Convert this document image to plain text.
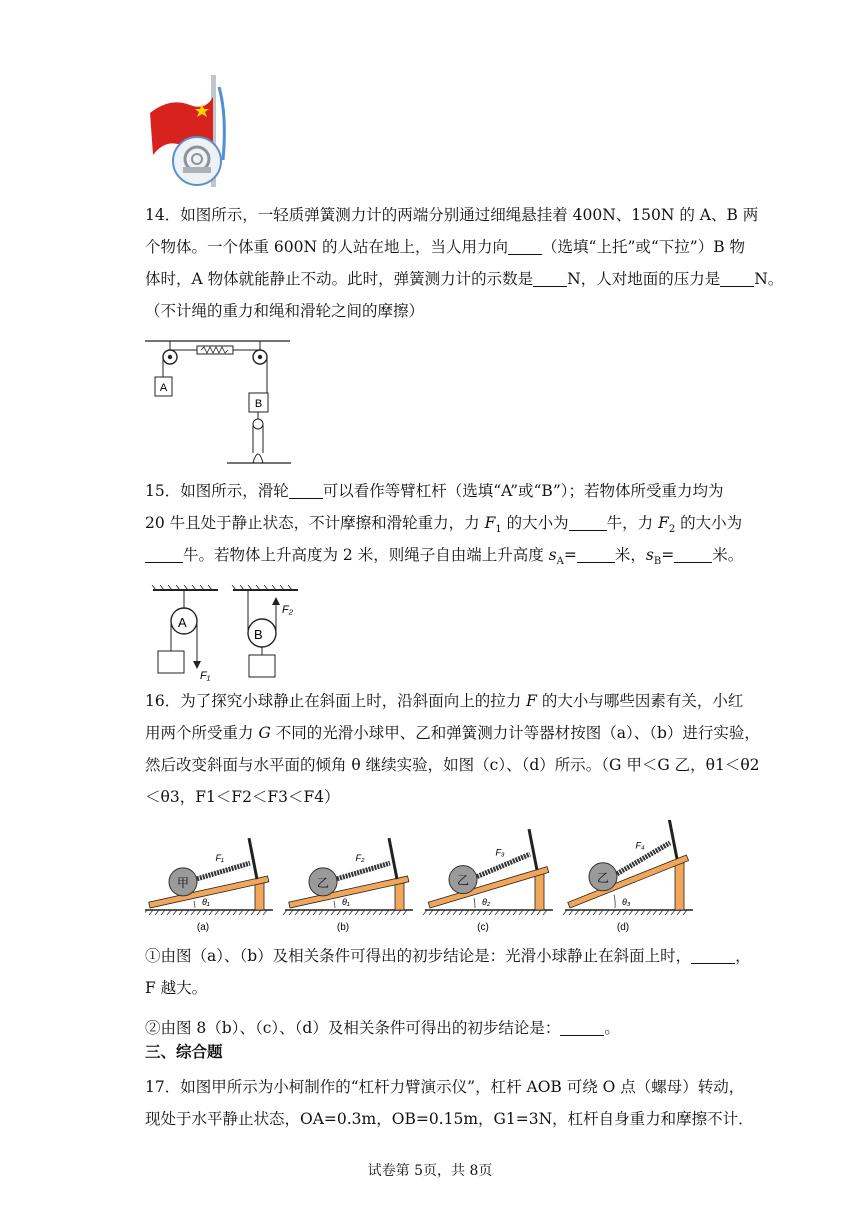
14．如图所示，一轻质弹簧测力计的两端分别通过细绳悬挂着 400N、150N 的 A、B 两
个物体。一个体重 600N 的人站在地上，当人用力向 （选填“上托”或“下拉”）B 物
体时，A 物体就能静止不动。此时，弹簧测力计的示数是 N，人对地面的压力是 N。
（不计绳的重力和绳和滑轮之间的摩擦）
A
B
15．如图所示，滑轮 可以看作等臂杠杆（选填“A”或“B”）；若物体所受重力均为
20 牛且处于静止状态，不计摩擦和滑轮重力，力 $F_1$ 的大小为 牛，力 $F_2$ 的大小为
牛。若物体上升高度为 2 米，则绳子自由端上升高度 $s_A=$ 米，$s_B=$ 米。
A
F₁
B
F₂
16．为了探究小球静止在斜面上时，沿斜面向上的拉力 F 的大小与哪些因素有关，小红
用两个所受重力 G 不同的光滑小球甲、乙和弹簧测力计等器材按图（a）、（b）进行实验，
然后改变斜面与水平面的倾角 θ 继续实验，如图（c）、（d）所示。（G 甲＜G 乙，θ1＜θ2
＜θ3，F1＜F2＜F3＜F4）
甲
F₁
θ₁
(a)
乙
F₂
θ₁
(b)
乙
F₃
θ₂
(c)
乙
F₄
θ₃
(d)
①由图（a）、（b）及相关条件可得出的初步结论是：光滑小球静止在斜面上时，	，
F 越大。
②由图 8（b）、（c）、（d）及相关条件可得出的初步结论是：	。
三、综合题
17．如图甲所示为小柯制作的“杠杆力臂演示仪”，杠杆 AOB 可绕 O 点（螺母）转动，
现处于水平静止状态，OA=0.3m，OB=0.15m，G1=3N，杠杆自身重力和摩擦不计．
试卷第 5页，共 8页
